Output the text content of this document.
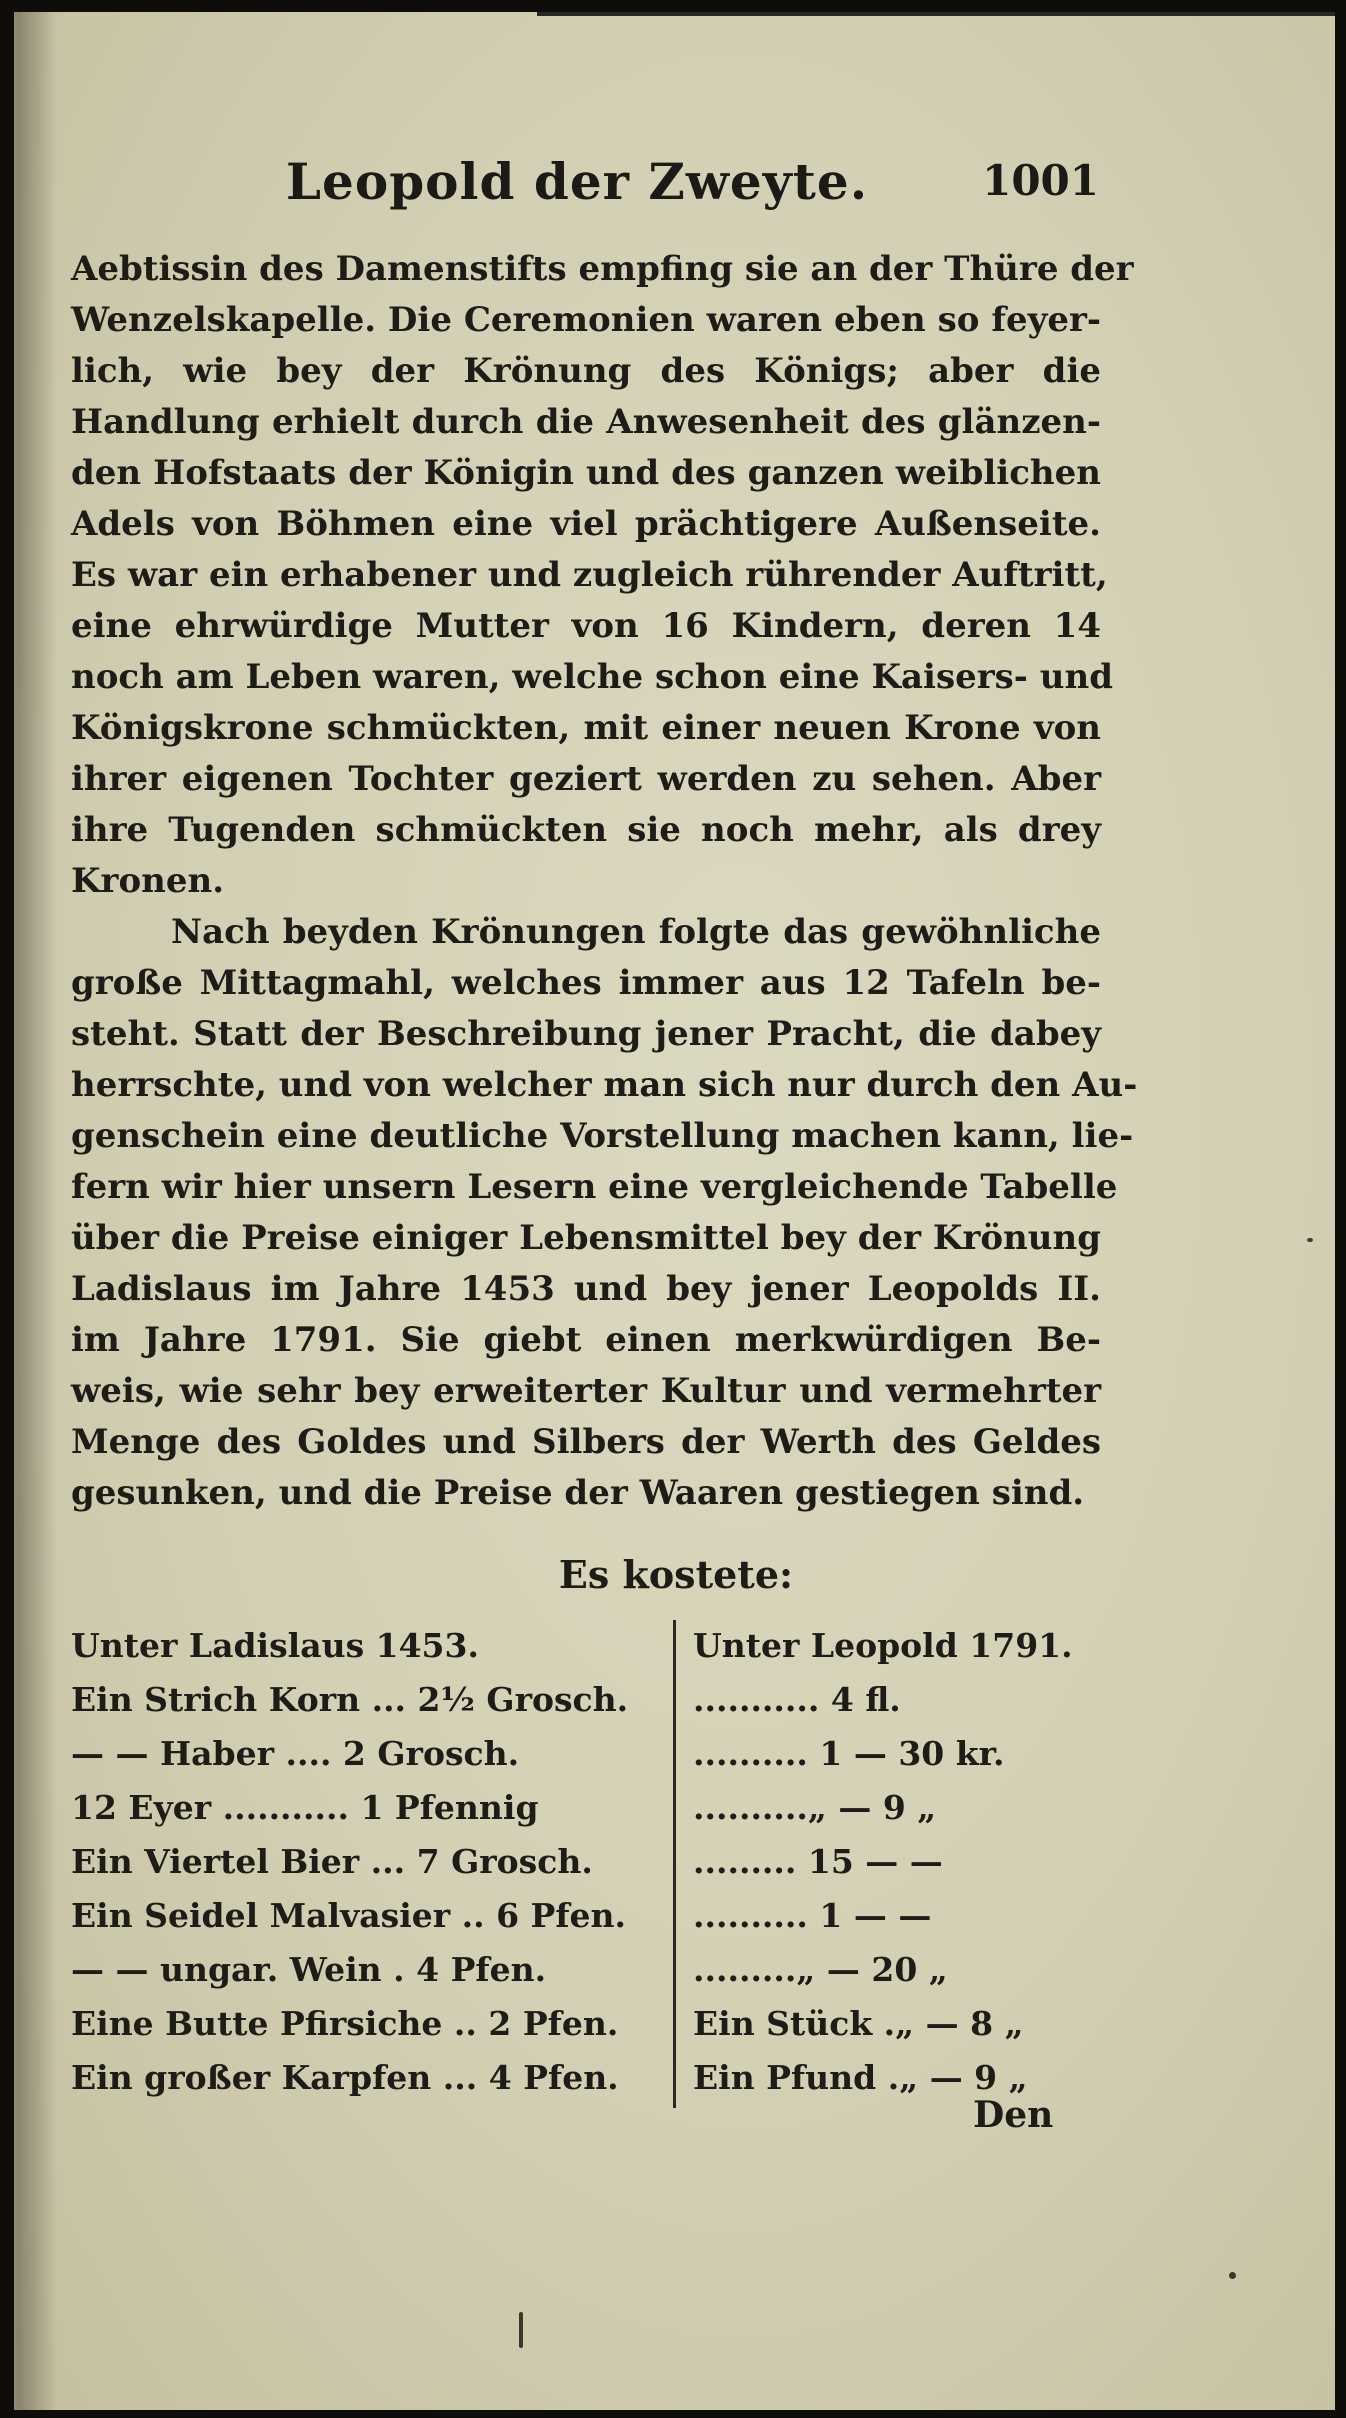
Leopold der Zweyte.	1001
Aebtissin des Damenstifts empfing sie an der Thüre der
Wenzelskapelle. Die Ceremonien waren eben so feyer-
lich, wie bey der Krönung des Königs; aber die
Handlung erhielt durch die Anwesenheit des glänzen-
den Hofstaats der Königin und des ganzen weiblichen
Adels von Böhmen eine viel prächtigere Außenseite.
Es war ein erhabener und zugleich rührender Auftritt,
eine ehrwürdige Mutter von 16 Kindern, deren 14
noch am Leben waren, welche schon eine Kaisers- und
Königskrone schmückten, mit einer neuen Krone von
ihrer eigenen Tochter geziert werden zu sehen. Aber
ihre Tugenden schmückten sie noch mehr, als drey
Kronen.
Nach beyden Krönungen folgte das gewöhnliche
große Mittagmahl, welches immer aus 12 Tafeln be-
steht. Statt der Beschreibung jener Pracht, die dabey
herrschte, und von welcher man sich nur durch den Au-
genschein eine deutliche Vorstellung machen kann, lie-
fern wir hier unsern Lesern eine vergleichende Tabelle
über die Preise einiger Lebensmittel bey der Krönung
Ladislaus im Jahre 1453 und bey jener Leopolds II.
im Jahre 1791. Sie giebt einen merkwürdigen Be-
weis, wie sehr bey erweiterter Kultur und vermehrter
Menge des Goldes und Silbers der Werth des Geldes
gesunken, und die Preise der Waaren gestiegen sind.
Es kostete:
Unter Ladislaus 1453.	Unter Leopold 1791.
Ein Strich Korn ... 2½ Grosch.	........... 4 fl.
— — Haber .... 2 Grosch.	.......... 1 — 30 kr.
12 Eyer ........... 1 Pfennig	..........„ — 9 „
Ein Viertel Bier ... 7 Grosch.	......... 15 — —
Ein Seidel Malvasier .. 6 Pfen.	.......... 1 — —
— — ungar. Wein . 4 Pfen.	.........„ — 20 „
Eine Butte Pfirsiche .. 2 Pfen.	Ein Stück .„ — 8 „
Ein großer Karpfen ... 4 Pfen.	Ein Pfund .„ — 9 „
Den
